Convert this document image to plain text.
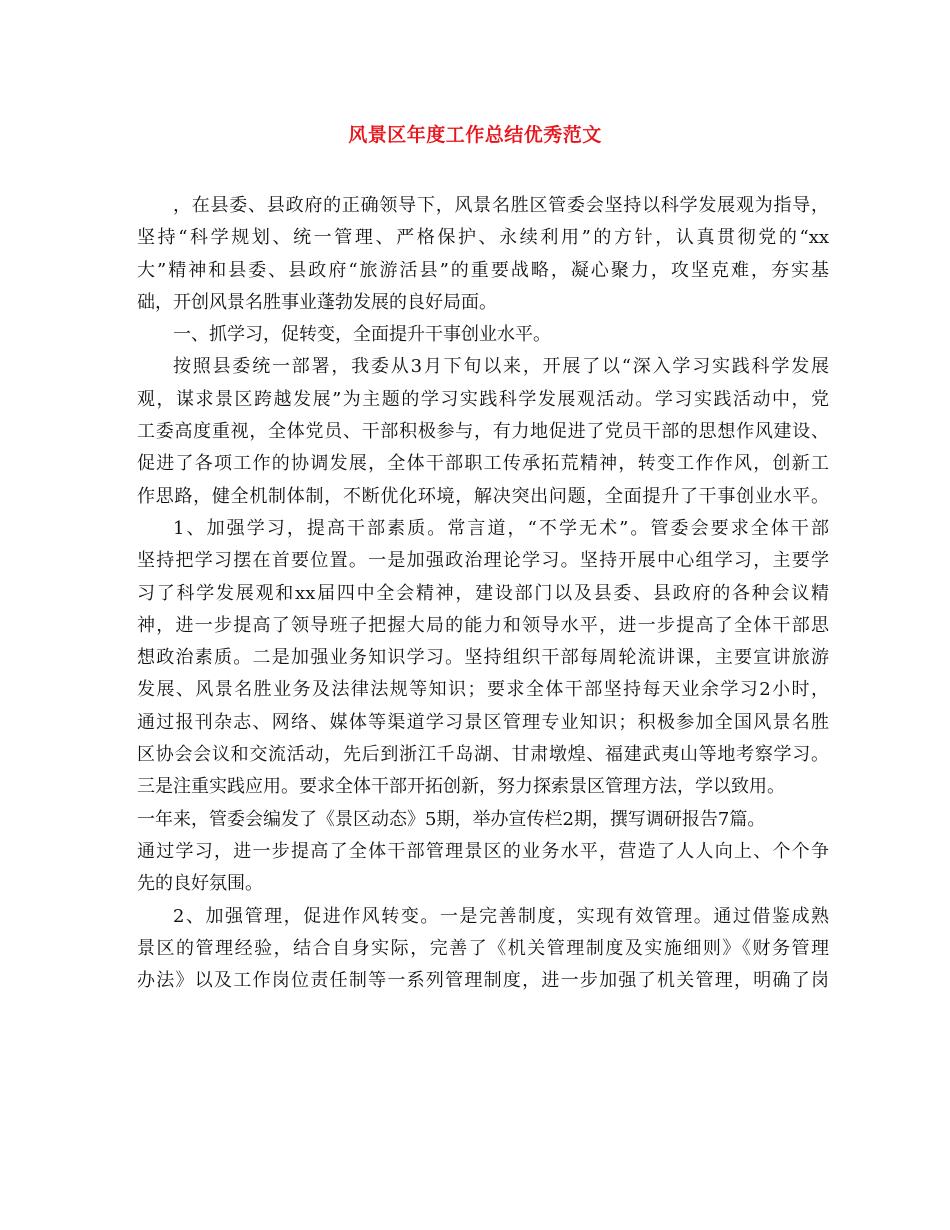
风景区年度工作总结优秀范文
，在县委、县政府的正确领导下，风景名胜区管委会坚持以科学发展观为指导，
坚持“科学规划、统一管理、严格保护、永续利用”的方针，认真贯彻党的“xx
大”精神和县委、县政府“旅游活县”的重要战略，凝心聚力，攻坚克难，夯实基
础，开创风景名胜事业蓬勃发展的良好局面。
一、抓学习，促转变，全面提升干事创业水平。
按照县委统一部署，我委从3月下旬以来，开展了以“深入学习实践科学发展
观，谋求景区跨越发展”为主题的学习实践科学发展观活动。学习实践活动中，党
工委高度重视，全体党员、干部积极参与，有力地促进了党员干部的思想作风建设、
促进了各项工作的协调发展，全体干部职工传承拓荒精神，转变工作作风，创新工
作思路，健全机制体制，不断优化环境，解决突出问题，全面提升了干事创业水平。
1、加强学习，提高干部素质。常言道，“不学无术”。管委会要求全体干部
坚持把学习摆在首要位置。一是加强政治理论学习。坚持开展中心组学习，主要学
习了科学发展观和xx届四中全会精神，建设部门以及县委、县政府的各种会议精
神，进一步提高了领导班子把握大局的能力和领导水平，进一步提高了全体干部思
想政治素质。二是加强业务知识学习。坚持组织干部每周轮流讲课，主要宣讲旅游
发展、风景名胜业务及法律法规等知识；要求全体干部坚持每天业余学习2小时，
通过报刊杂志、网络、媒体等渠道学习景区管理专业知识；积极参加全国风景名胜
区协会会议和交流活动，先后到浙江千岛湖、甘肃墩煌、福建武夷山等地考察学习。
三是注重实践应用。要求全体干部开拓创新，努力探索景区管理方法，学以致用。
一年来，管委会编发了《景区动态》5期，举办宣传栏2期，撰写调研报告7篇。
通过学习，进一步提高了全体干部管理景区的业务水平，营造了人人向上、个个争
先的良好氛围。
2、加强管理，促进作风转变。一是完善制度，实现有效管理。通过借鉴成熟
景区的管理经验，结合自身实际，完善了《机关管理制度及实施细则》《财务管理
办法》以及工作岗位责任制等一系列管理制度，进一步加强了机关管理，明确了岗
